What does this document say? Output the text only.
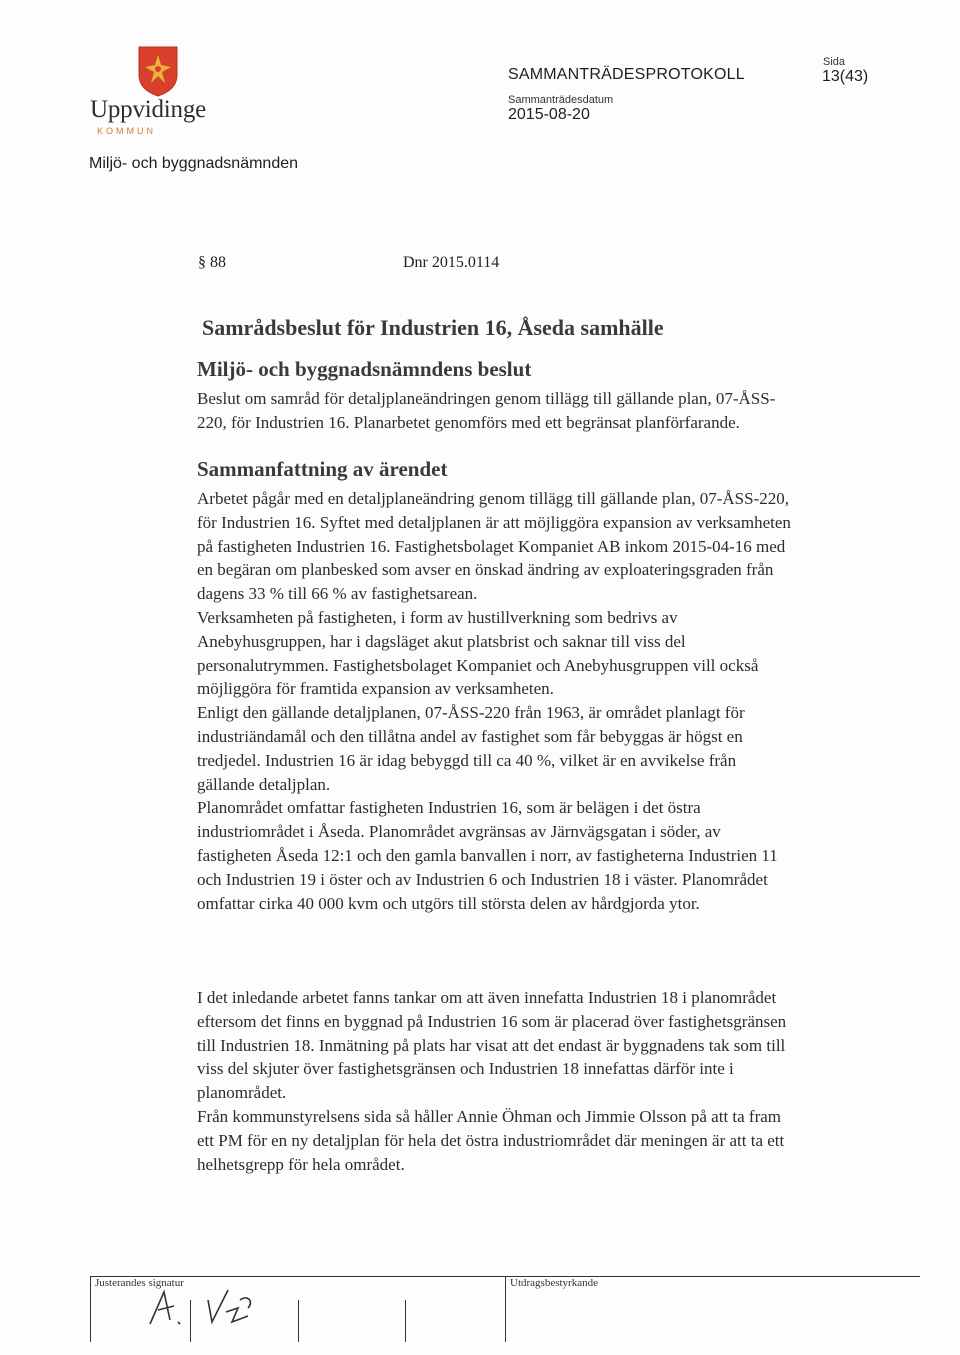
Uppvidinge
KOMMUN
SAMMANTRÄDESPROTOKOLL
Sammanträdesdatum
2015-08-20
Sida
13(43)
Miljö- och byggnadsnämnden
§ 88	Dnr 2015.0114
Samrådsbeslut för Industrien 16, Åseda samhälle
Miljö- och byggnadsnämndens beslut

Beslut om samråd för detaljplaneändringen genom tillägg till gällande plan, 07-ÅSS-220, för Industrien 16. Planarbetet genomförs med ett begränsat planförfarande.

Sammanfattning av ärendet

Arbetet pågår med en detaljplaneändring genom tillägg till gällande plan, 07-ÅSS-220, för Industrien 16. Syftet med detaljplanen är att möjliggöra expansion av verksamheten på fastigheten Industrien 16. Fastighetsbolaget Kompaniet AB inkom 2015-04-16 med en begäran om planbesked som avser en önskad ändring av exploateringsgraden från dagens 33 % till 66 % av fastighetsarean.

Verksamheten på fastigheten, i form av hustillverkning som bedrivs av Anebyhusgruppen, har i dagsläget akut platsbrist och saknar till viss del personalutrymmen. Fastighetsbolaget Kompaniet och Anebyhusgruppen vill också möjliggöra för framtida expansion av verksamheten.

Enligt den gällande detaljplanen, 07-ÅSS-220 från 1963, är området planlagt för industriändamål och den tillåtna andel av fastighet som får bebyggas är högst en tredjedel. Industrien 16 är idag bebyggd till ca 40 %, vilket är en avvikelse från gällande detaljplan.

Planområdet omfattar fastigheten Industrien 16, som är belägen i det östra industriområdet i Åseda. Planområdet avgränsas av Järnvägsgatan i söder, av fastigheten Åseda 12:1 och den gamla banvallen i norr, av fastigheterna Industrien 11 och Industrien 19 i öster och av Industrien 6 och Industrien 18 i väster. Planområdet omfattar cirka 40 000 kvm och utgörs till största delen av hårdgjorda ytor.

I det inledande arbetet fanns tankar om att även innefatta Industrien 18 i planområdet eftersom det finns en byggnad på Industrien 16 som är placerad över fastighetsgränsen till Industrien 18. Inmätning på plats har visat att det endast är byggnadens tak som till viss del skjuter över fastighetsgränsen och Industrien 18 innefattas därför inte i planområdet.

Från kommunstyrelsens sida så håller Annie Öhman och Jimmie Olsson på att ta fram ett PM för en ny detaljplan för hela det östra industriområdet där meningen är att ta ett helhetsgrepp för hela området.

Justerandes signatur	Utdragsbestyrkande
